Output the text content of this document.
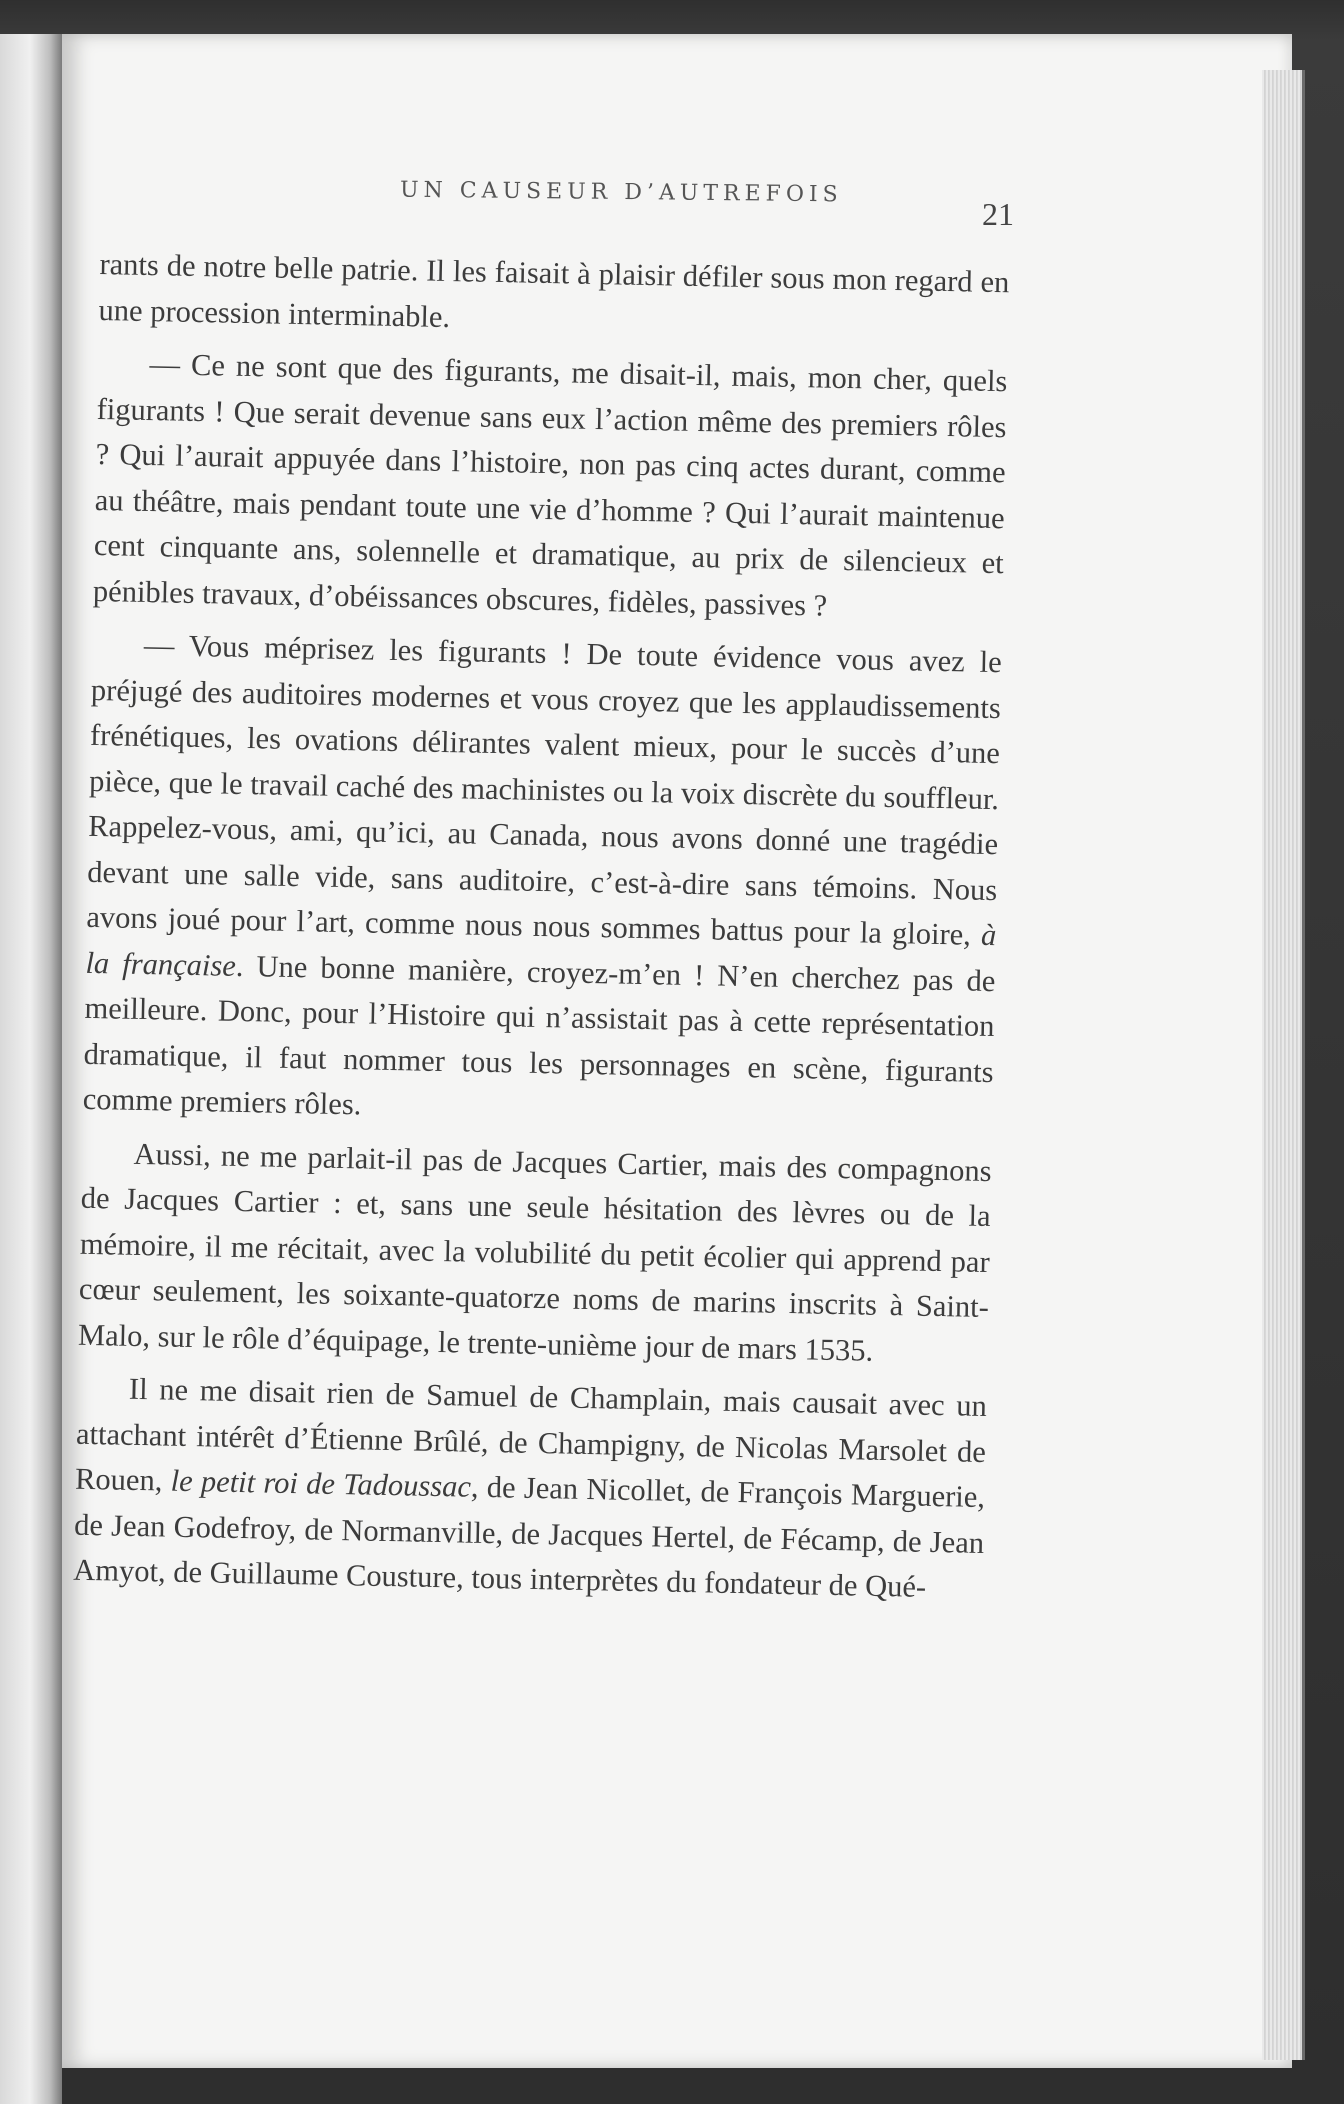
UN CAUSEUR D’AUTREFOIS
21

rants de notre belle patrie. Il les faisait à plaisir défiler sous mon regard en une procession interminable.

— Ce ne sont que des figurants, me disait-il, mais, mon cher, quels figurants ! Que serait devenue sans eux l’action même des premiers rôles ? Qui l’aurait appuyée dans l’histoire, non pas cinq actes durant, comme au théâtre, mais pendant toute une vie d’homme ? Qui l’aurait maintenue cent cinquante ans, solennelle et dramatique, au prix de silencieux et pénibles travaux, d’obéissances obscures, fidèles, passives ?

— Vous méprisez les figurants ! De toute évidence vous avez le préjugé des auditoires modernes et vous croyez que les applaudissements frénétiques, les ovations délirantes valent mieux, pour le succès d’une pièce, que le travail caché des machinistes ou la voix discrète du souffleur. Rappelez-vous, ami, qu’ici, au Canada, nous avons donné une tragédie devant une salle vide, sans auditoire, c’est-à-dire sans témoins. Nous avons joué pour l’art, comme nous nous sommes battus pour la gloire, à la française. Une bonne manière, croyez-m’en ! N’en cherchez pas de meilleure. Donc, pour l’Histoire qui n’assistait pas à cette représentation dramatique, il faut nommer tous les personnages en scène, figurants comme premiers rôles.

Aussi, ne me parlait-il pas de Jacques Cartier, mais des compagnons de Jacques Cartier : et, sans une seule hésitation des lèvres ou de la mémoire, il me récitait, avec la volubilité du petit écolier qui apprend par cœur seulement, les soixante-quatorze noms de marins inscrits à Saint-Malo, sur le rôle d’équipage, le trente-unième jour de mars 1535.

Il ne me disait rien de Samuel de Champlain, mais causait avec un attachant intérêt d’Étienne Brûlé, de Champigny, de Nicolas Marsolet de Rouen, le petit roi de Tadoussac, de Jean Nicollet, de François Marguerie, de Jean Godefroy, de Normanville, de Jacques Hertel, de Fécamp, de Jean Amyot, de Guillaume Cousture, tous interprètes du fondateur de Qué-
